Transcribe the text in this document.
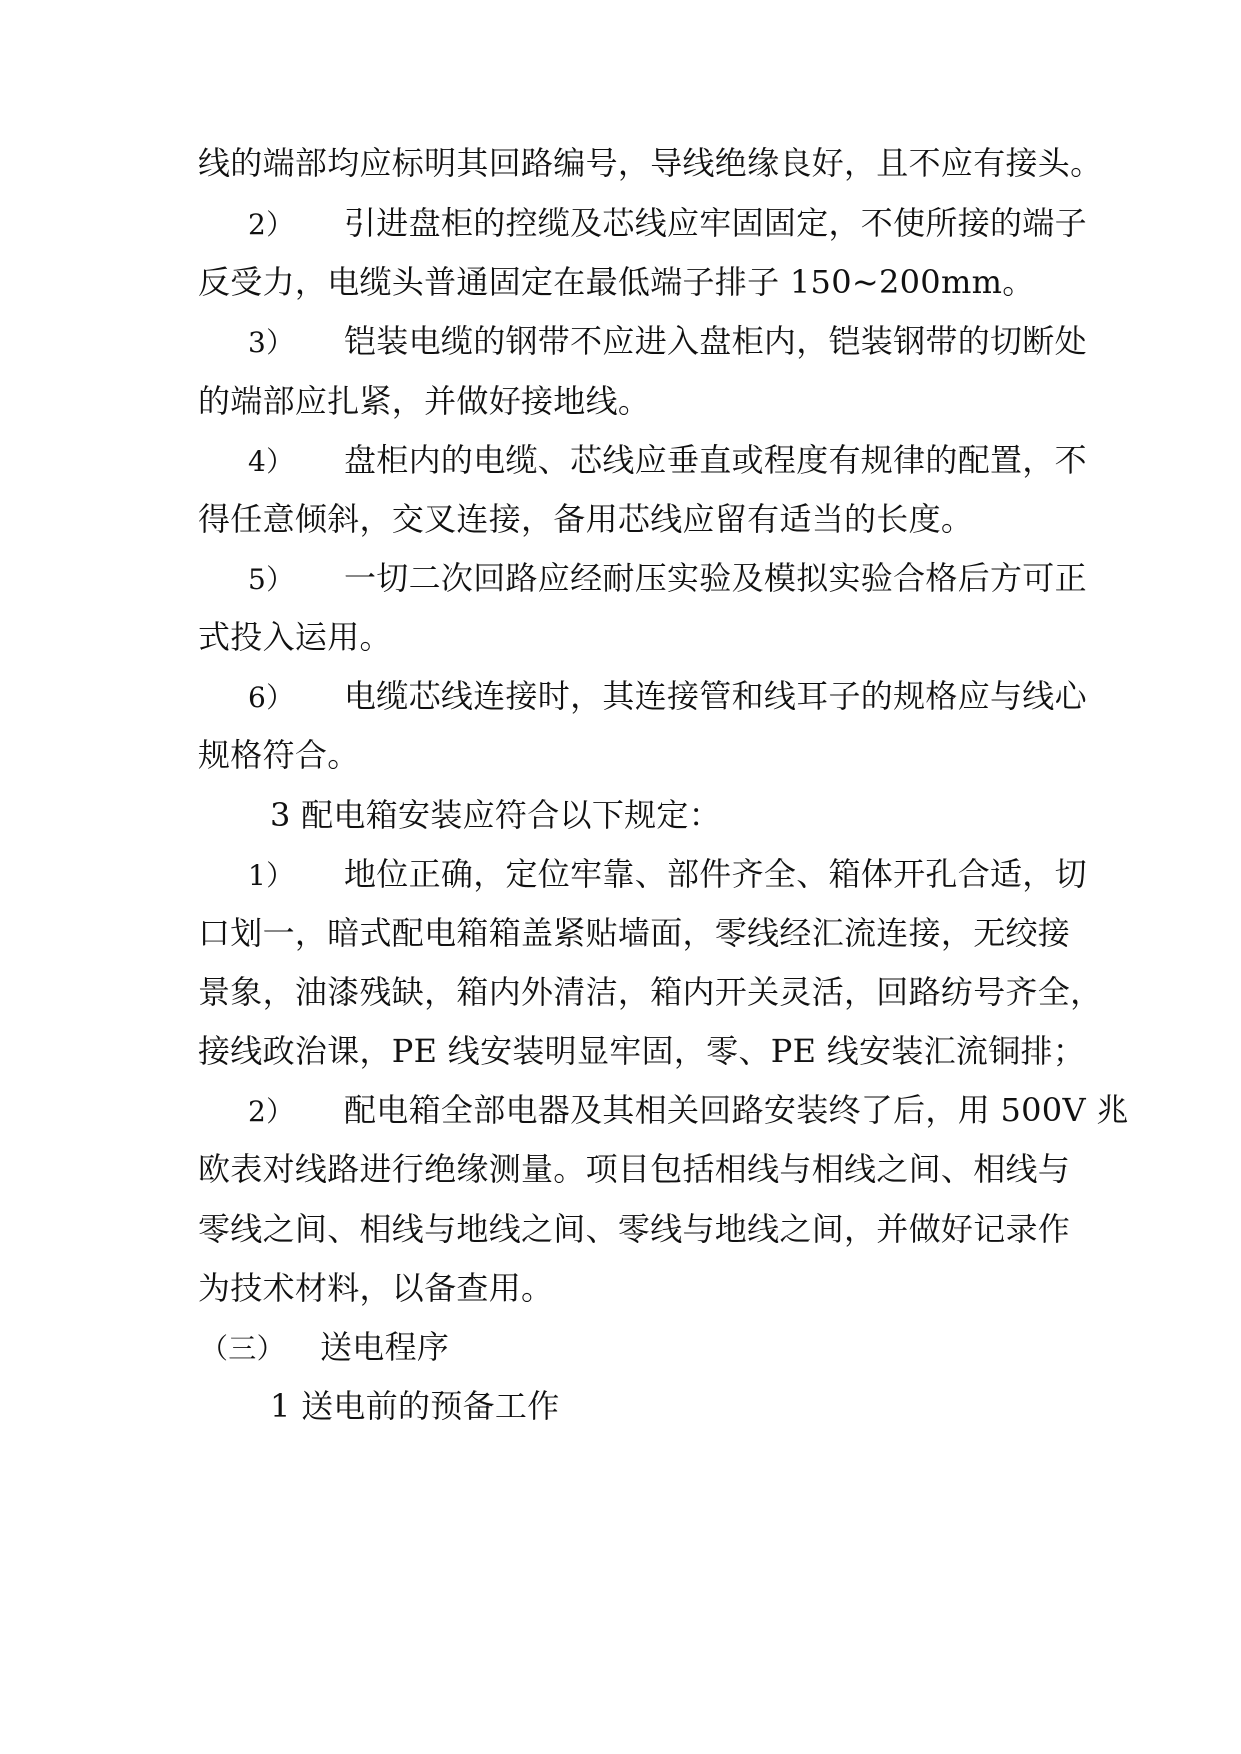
线的端部均应标明其回路编号，导线绝缘良好，且不应有接头。
2） 引进盘柜的控缆及芯线应牢固固定，不使所接的端子
反受力，电缆头普通固定在最低端子排子 150~200mm。
3） 铠装电缆的钢带不应进入盘柜内，铠装钢带的切断处
的端部应扎紧，并做好接地线。
4） 盘柜内的电缆、芯线应垂直或程度有规律的配置，不
得任意倾斜，交叉连接，备用芯线应留有适当的长度。
5） 一切二次回路应经耐压实验及模拟实验合格后方可正
式投入运用。
6） 电缆芯线连接时，其连接管和线耳子的规格应与线心
规格符合。
3 配电箱安装应符合以下规定：
1） 地位正确，定位牢靠、部件齐全、箱体开孔合适，切
口划一，暗式配电箱箱盖紧贴墙面，零线经汇流连接，无绞接
景象，油漆残缺，箱内外清洁，箱内开关灵活，回路纺号齐全，
接线政治课，PE 线安装明显牢固，零、PE 线安装汇流铜排；
2） 配电箱全部电器及其相关回路安装终了后，用 500V 兆
欧表对线路进行绝缘测量。项目包括相线与相线之间、相线与
零线之间、相线与地线之间、零线与地线之间，并做好记录作
为技术材料，以备查用。
（三） 送电程序
1 送电前的预备工作
